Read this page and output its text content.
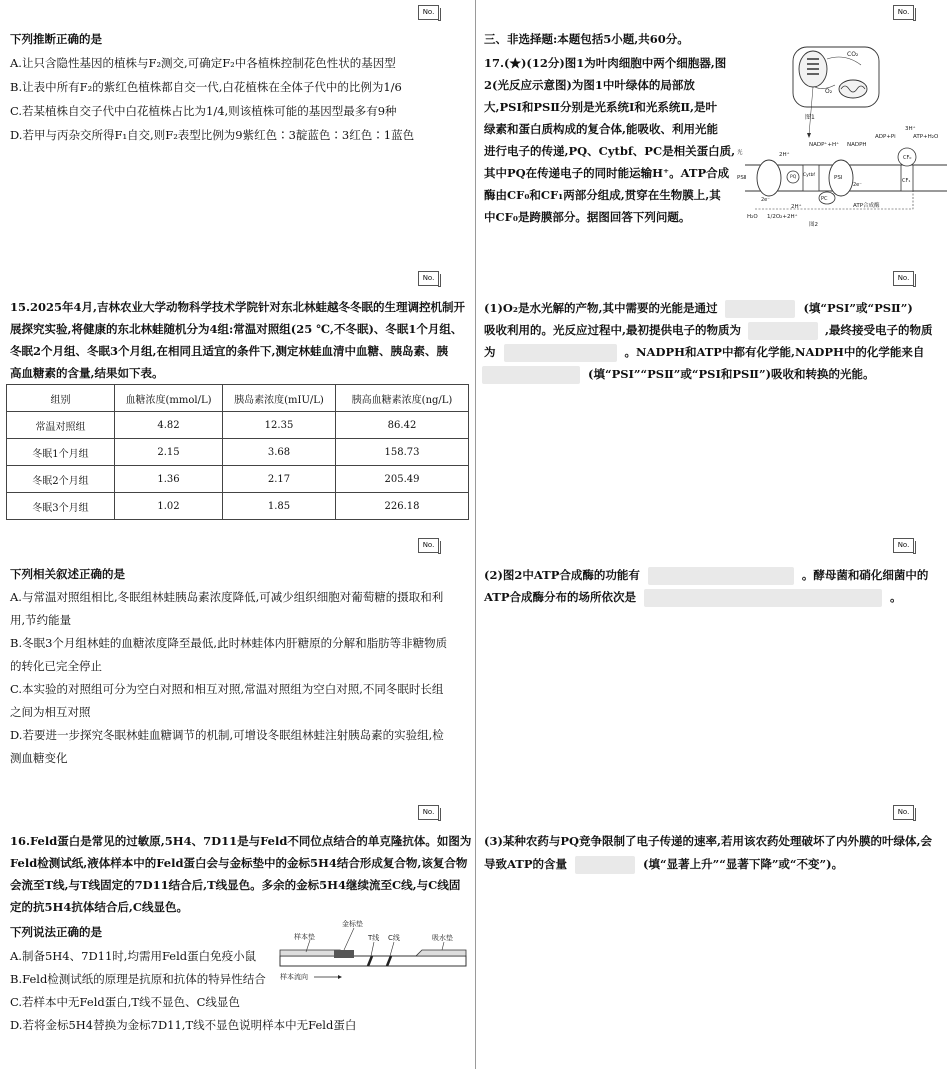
No.
下列推断正确的是
A.让只含隐性基因的植株与F₂测交,可确定F₂中各植株控制花色性状的基因型
B.让表中所有F₂的紫红色植株都自交一代,白花植株在全体子代中的比例为1/6
C.若某植株自交子代中白花植株占比为1/4,则该植株可能的基因型最多有9种
D.若甲与丙杂交所得F₁自交,则F₂表型比例为9紫红色∶3靛蓝色∶3红色∶1蓝色
No.
15.2025年4月,吉林农业大学动物科学技术学院针对东北林蛙越冬冬眠的生理调控机制开
展探究实验,将健康的东北林蛙随机分为4组:常温对照组(25 ℃,不冬眠)、冬眠1个月组、
冬眠2个月组、冬眠3个月组,在相同且适宜的条件下,测定林蛙血清中血糖、胰岛素、胰
高血糖素的含量,结果如下表。
组别	血糖浓度(mmol/L)	胰岛素浓度(mIU/L)	胰高血糖素浓度(ng/L)
常温对照组	4.82	12.35	86.42
冬眠1个月组	2.15	3.68	158.73
冬眠2个月组	1.36	2.17	205.49
冬眠3个月组	1.02	1.85	226.18
No.
下列相关叙述正确的是
A.与常温对照组相比,冬眠组林蛙胰岛素浓度降低,可减少组织细胞对葡萄糖的摄取和利
用,节约能量
B.冬眠3个月组林蛙的血糖浓度降至最低,此时林蛙体内肝糖原的分解和脂肪等非糖物质
的转化已完全停止
C.本实验的对照组可分为空白对照和相互对照,常温对照组为空白对照,不同冬眠时长组
之间为相互对照
D.若要进一步探究冬眠林蛙血糖调节的机制,可增设冬眠组林蛙注射胰岛素的实验组,检
测血糖变化
No.
16.Feld蛋白是常见的过敏原,5H4、7D11是与Feld不同位点结合的单克隆抗体。如图为
Feld检测试纸,液体样本中的Feld蛋白会与金标垫中的金标5H4结合形成复合物,该复合物
会流至T线,与T线固定的7D11结合后,T线显色。多余的金标5H4继续流至C线,与C线固
定的抗5H4抗体结合后,C线显色。
下列说法正确的是
A.制备5H4、7D11时,均需用Feld蛋白免疫小鼠
B.Feld检测试纸的原理是抗原和抗体的特异性结合
C.若样本中无Feld蛋白,T线不显色、C线显色
D.若将金标5H4替换为金标7D11,T线不显色说明样本中无Feld蛋白
样本垫
金标垫
T线 C线	吸水垫
样本流向
No.
三、非选择题:本题包括5小题,共60分。
17.(★)(12分)图1为叶肉细胞中两个细胞器,图
2(光反应示意图)为图1中叶绿体的局部放
大,PSⅠ和PSⅡ分别是光系统Ⅰ和光系统Ⅱ,是叶
绿素和蛋白质构成的复合体,能吸收、利用光能
进行电子的传递,PQ、Cytbf、PC是相关蛋白质,
其中PQ在传递电子的同时能运输H⁺。ATP合成
酶由CF₀和CF₁两部分组成,贯穿在生物膜上,其
中CF₀是跨膜部分。据图回答下列问题。
CO₂
O₂
图1
光
PSⅡ	PQ Cytbf	PSⅠ
PC
CF₀
CF₁
NADP⁺+H⁺ NADPH
ADP+Pi	ATP+H₂O
3H⁺
2H⁺
2H⁺
2e⁻
2e⁻
H₂O 1/2O₂+2H⁺
ATP合成酶
图2
No.
(1)O₂是水光解的产物,其中需要的光能是通过	(填“PSⅠ”或“PSⅡ”)
吸收利用的。光反应过程中,最初提供电子的物质为	,最终接受电子的物质
为	。NADPH和ATP中都有化学能,NADPH中的化学能来自
(填“PSⅠ”“PSⅡ”或“PSⅠ和PSⅡ”)吸收和转换的光能。
No.
(2)图2中ATP合成酶的功能有	。酵母菌和硝化细菌中的
ATP合成酶分布的场所依次是	。
No.
(3)某种农药与PQ竞争限制了电子传递的速率,若用该农药处理破坏了内外膜的叶绿体,会
导致ATP的含量	(填“显著上升”“显著下降”或“不变”)。
